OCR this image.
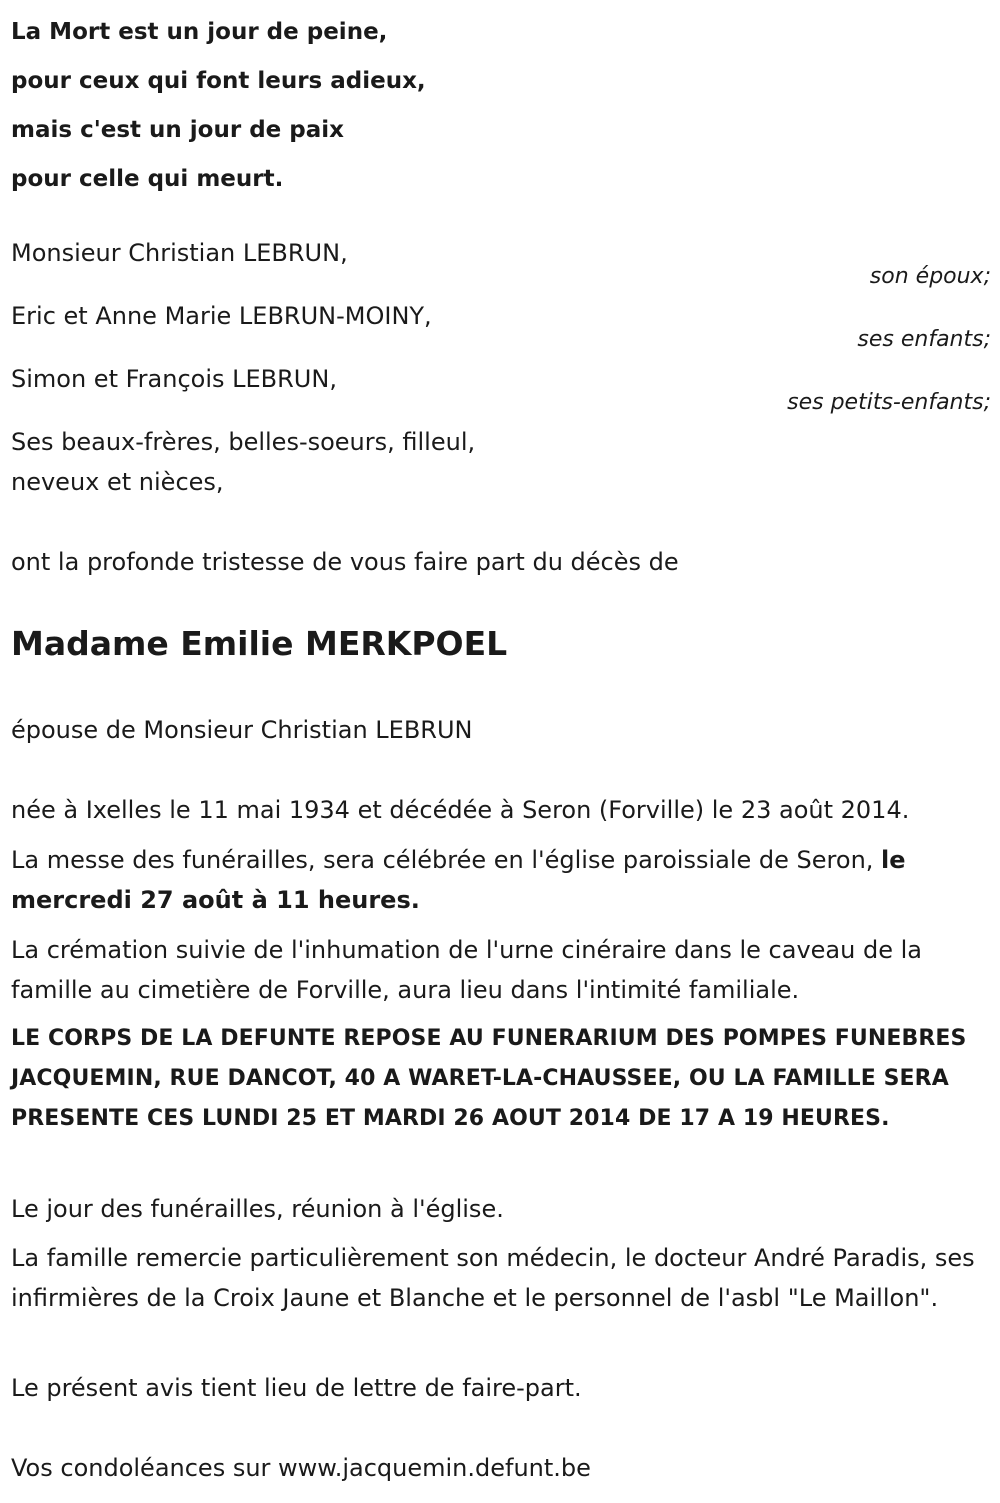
La Mort est un jour de peine,
pour ceux qui font leurs adieux,
mais c'est un jour de paix
pour celle qui meurt.
Monsieur Christian LEBRUN,
son époux;
Eric et Anne Marie LEBRUN-MOINY,
ses enfants;
Simon et François LEBRUN,
ses petits-enfants;
Ses beaux-frères, belles-soeurs, filleul,
neveux et nièces,
ont la profonde tristesse de vous faire part du décès de
Madame Emilie MERKPOEL
épouse de Monsieur Christian LEBRUN
née à Ixelles le 11 mai 1934 et décédée à Seron (Forville) le 23 août 2014.
La messe des funérailles, sera célébrée en l'église paroissiale de Seron, le mercredi 27 août à 11 heures.
La crémation suivie de l'inhumation de l'urne cinéraire dans le caveau de la famille au cimetière de Forville, aura lieu dans l'intimité familiale.
LE CORPS DE LA DEFUNTE REPOSE AU FUNERARIUM DES POMPES FUNEBRES JACQUEMIN, RUE DANCOT, 40 A WARET-LA-CHAUSSEE, OU LA FAMILLE SERA PRESENTE CES LUNDI 25 ET MARDI 26 AOUT 2014 DE 17 A 19 HEURES.
Le jour des funérailles, réunion à l'église.
La famille remercie particulièrement son médecin, le docteur André Paradis, ses infirmières de la Croix Jaune et Blanche et le personnel de l'asbl "Le Maillon".
Le présent avis tient lieu de lettre de faire-part.
Vos condoléances sur www.jacquemin.defunt.be
